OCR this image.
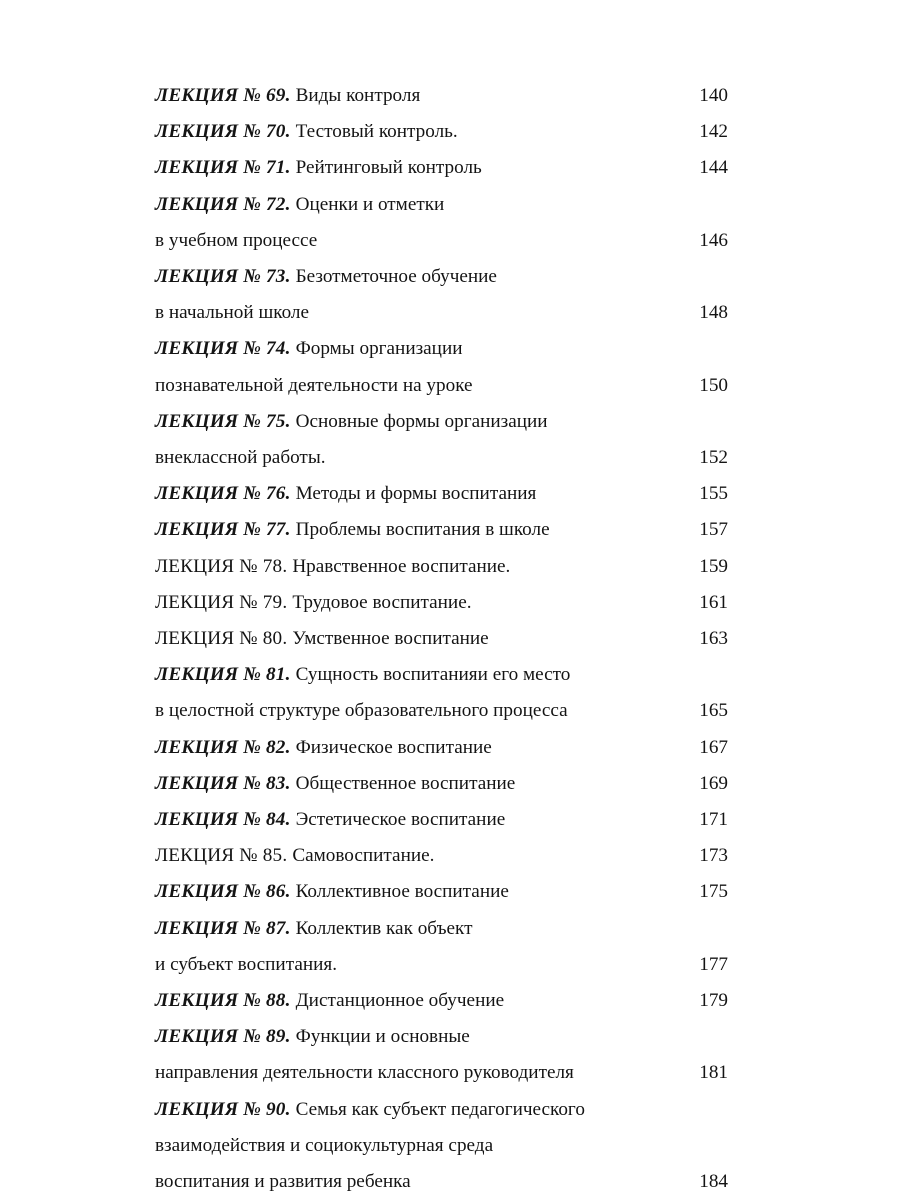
ЛЕКЦИЯ № 69. Виды контроля .....	140
ЛЕКЦИЯ № 70. Тестовый контроль. .....	142
ЛЕКЦИЯ № 71. Рейтинговый контроль .....	144
ЛЕКЦИЯ № 72. Оценки и отметки
в учебном процессе .....	146
ЛЕКЦИЯ № 73. Безотметочное обучение
в начальной школе .....	148
ЛЕКЦИЯ № 74. Формы организации
познавательной деятельности на уроке .....	150
ЛЕКЦИЯ № 75. Основные формы организации
внеклассной работы. .....	152
ЛЕКЦИЯ № 76. Методы и формы воспитания .....	155
ЛЕКЦИЯ № 77. Проблемы воспитания в школе .....	157
ЛЕКЦИЯ № 78. Нравственное воспитание. .....	159
ЛЕКЦИЯ № 79. Трудовое воспитание. .....	161
ЛЕКЦИЯ № 80. Умственное воспитание .....	163
ЛЕКЦИЯ № 81. Сущность воспитанияи его место
в целостной структуре образовательного процесса .....	165
ЛЕКЦИЯ № 82. Физическое воспитание .....	167
ЛЕКЦИЯ № 83. Общественное воспитание .....	169
ЛЕКЦИЯ № 84. Эстетическое воспитание .....	171
ЛЕКЦИЯ № 85. Самовоспитание. .....	173
ЛЕКЦИЯ № 86. Коллективное воспитание .....	175
ЛЕКЦИЯ № 87. Коллектив как объект
и субъект воспитания. .....	177
ЛЕКЦИЯ № 88. Дистанционное обучение .....	179
ЛЕКЦИЯ № 89. Функции и основные
направления деятельности классного руководителя .....	181
ЛЕКЦИЯ № 90. Семья как субъект педагогического
взаимодействия и социокультурная среда
воспитания и развития ребенка .....	184
